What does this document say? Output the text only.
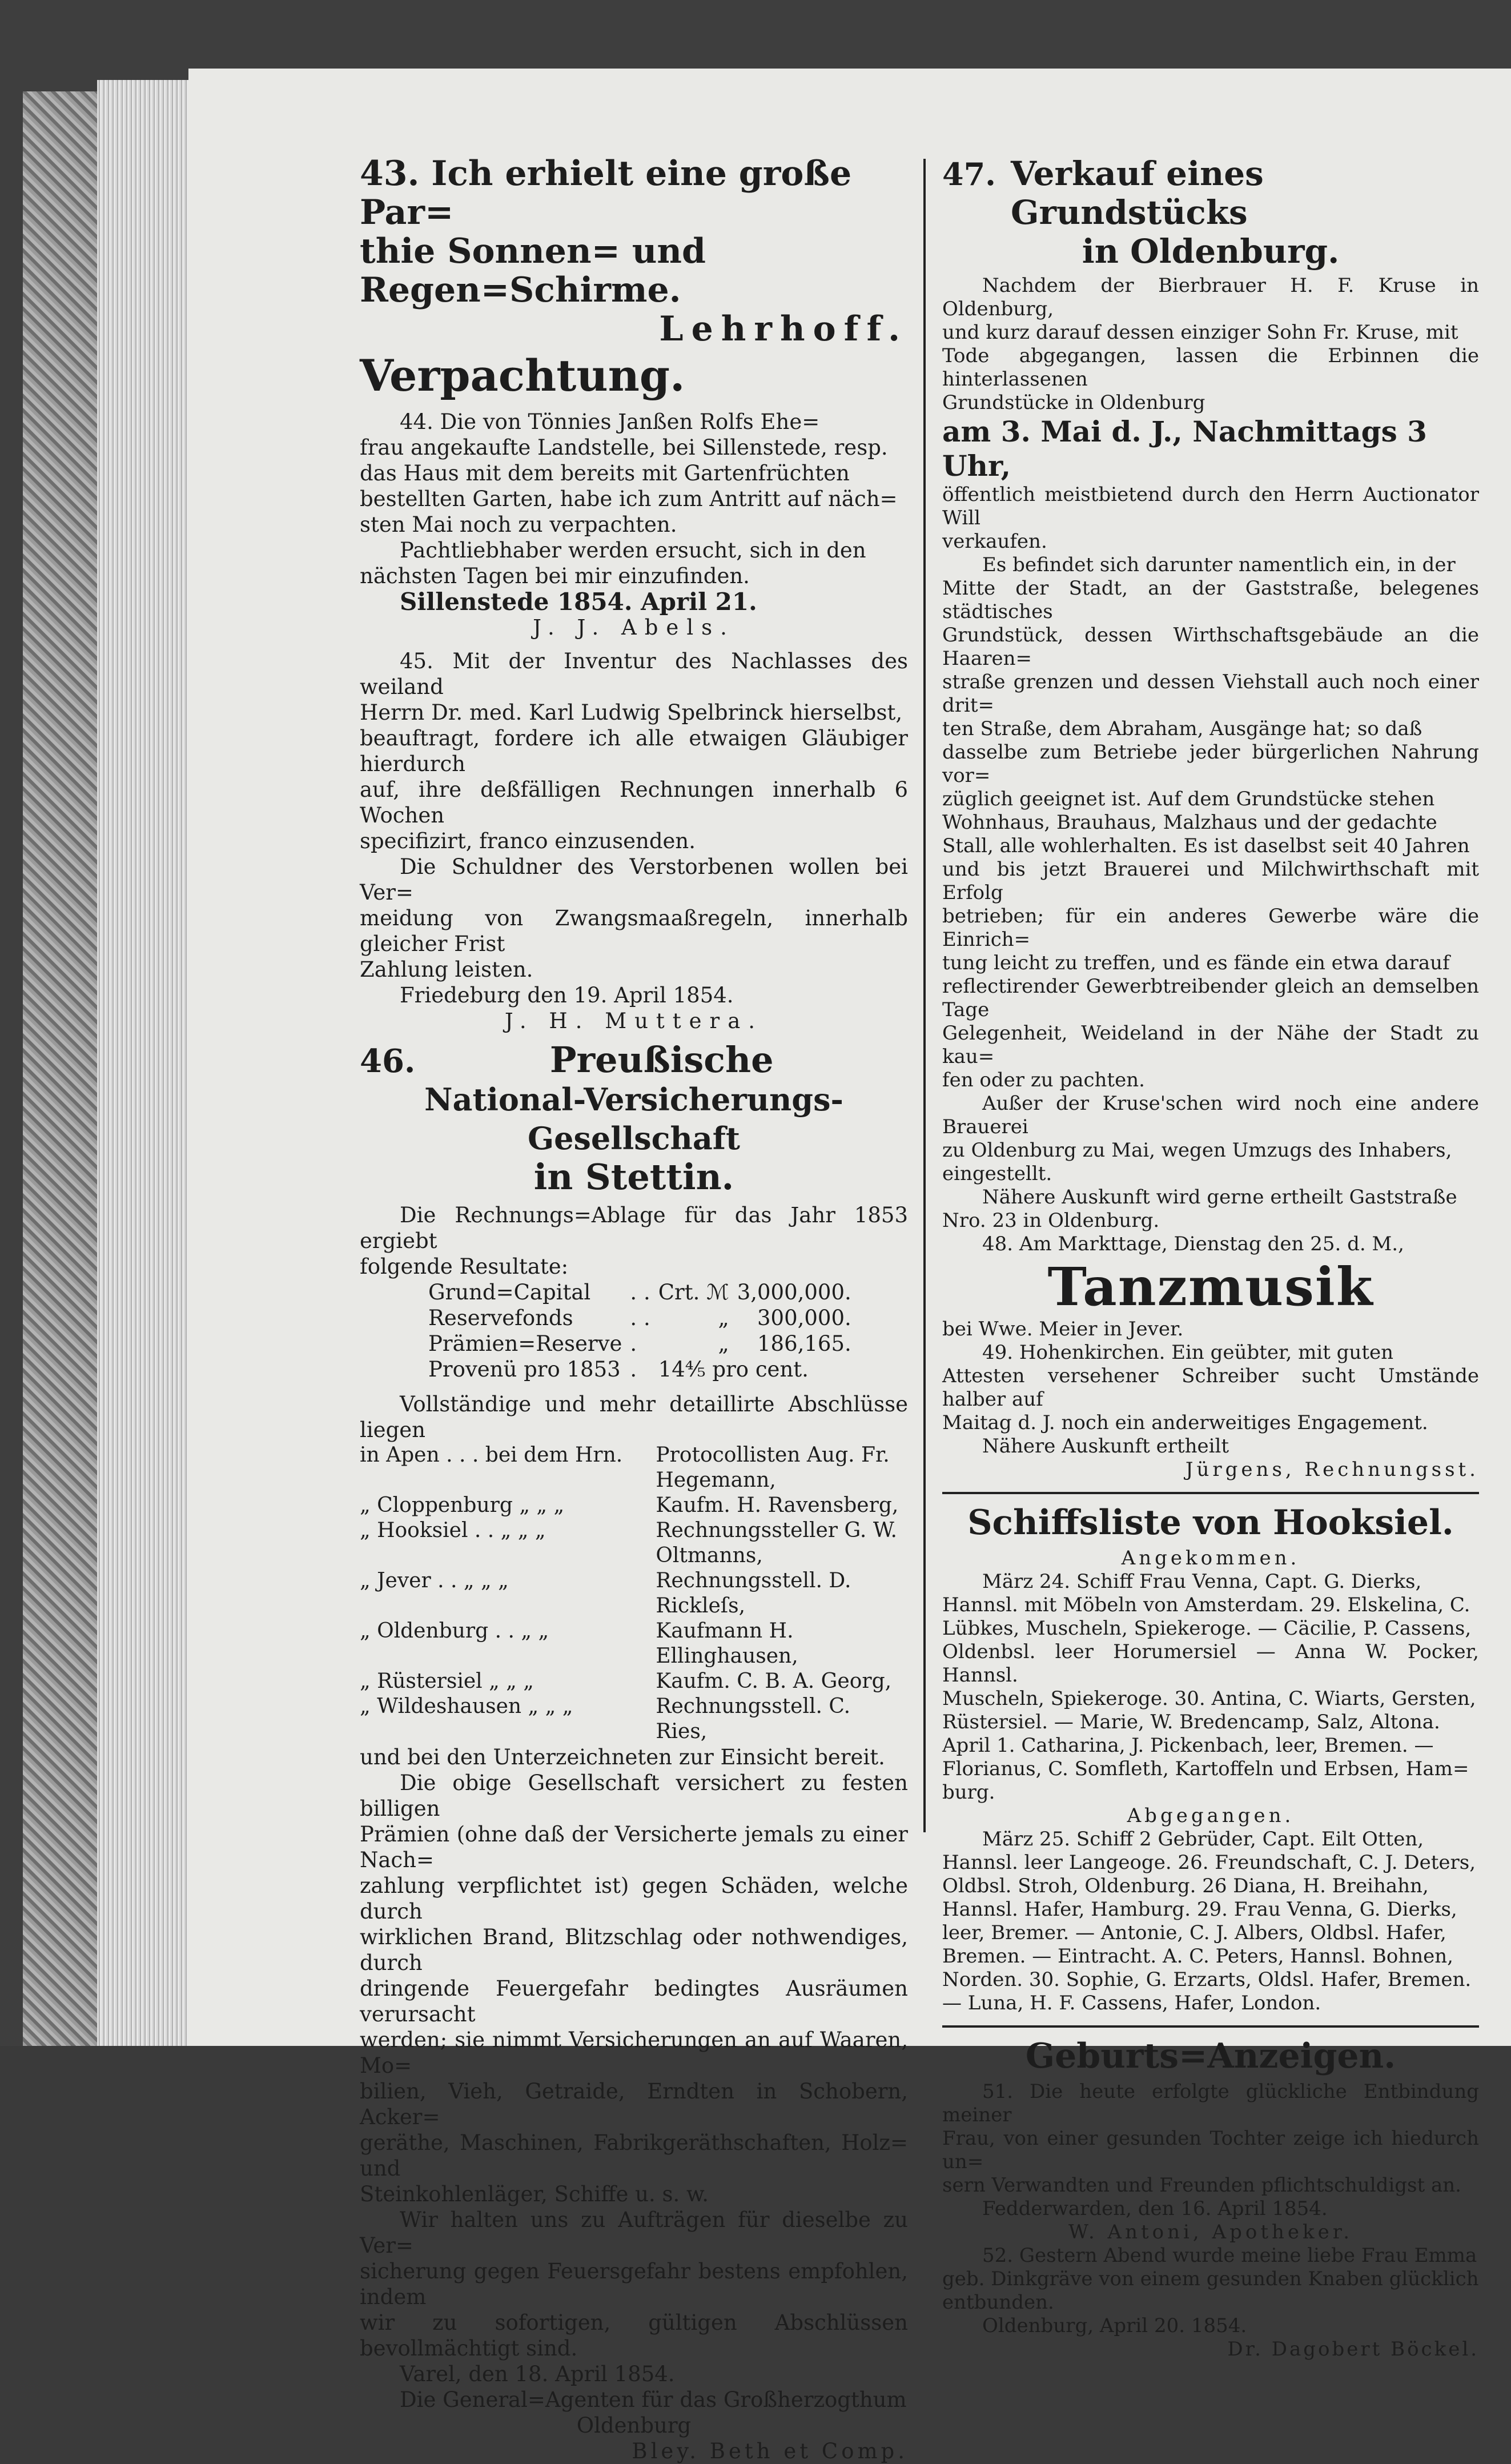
43. Ich erhielt eine große Par=

thie Sonnen= und Regen=Schirme.

Lehrhoff.

Verpachtung.

44. Die von Tönnies Janßen Rolfs Ehe=

frau angekaufte Landstelle, bei Sillenstede, resp.

das Haus mit dem bereits mit Gartenfrüchten

bestellten Garten, habe ich zum Antritt auf näch=

sten Mai noch zu verpachten.

Pachtliebhaber werden ersucht, sich in den

nächsten Tagen bei mir einzufinden.

Sillenstede 1854. April 21.

J. J. Abels.

45. Mit der Inventur des Nachlasses des weiland

Herrn Dr. med. Karl Ludwig Spelbrinck hierselbst,

beauftragt, fordere ich alle etwaigen Gläubiger hierdurch

auf, ihre deßfälligen Rechnungen innerhalb 6 Wochen

specifizirt, franco einzusenden.

Die Schuldner des Verstorbenen wollen bei Ver=

meidung von Zwangsmaaßregeln, innerhalb gleicher Frist

Zahlung leisten.

Friedeburg den 19. April 1854.

J. H. Muttera.

46.	Preußische

National-Versicherungs-Gesellschaft

in Stettin.

Die Rechnungs=Ablage für das Jahr 1853 ergiebt

folgende Resultate:

Grund=Capital	. .	Crt. ℳ	3,000,000.
Reservefonds	. .	„	300,000.
Prämien=Reserve	.	„	186,165.
Provenü pro 1853	.	14⅘ pro cent.	

Vollständige und mehr detaillirte Abschlüsse liegen

in Apen . . . bei dem Hrn.	Protocollisten Aug. Fr. Hegemann,
„ Cloppenburg „ „ „	Kaufm. H. Ravensberg,
„ Hooksiel . . „ „ „	Rechnungssteller G. W. Oltmanns,
„ Jever . . „ „ „	Rechnungsstell. D. Rickleſs,
„ Oldenburg . . „ „	Kaufmann H. Ellinghausen,
„ Rüstersiel „ „ „	Kaufm. C. B. A. Georg,
„ Wildeshausen „ „ „	Rechnungsstell. C. Ries,

und bei den Unterzeichneten zur Einsicht bereit.

Die obige Gesellschaft versichert zu festen billigen

Prämien (ohne daß der Versicherte jemals zu einer Nach=

zahlung verpflichtet ist) gegen Schäden, welche durch

wirklichen Brand, Blitzschlag oder nothwendiges, durch

dringende Feuergefahr bedingtes Ausräumen verursacht

werden; sie nimmt Versicherungen an auf Waaren, Mo=

bilien, Vieh, Getraide, Erndten in Schobern, Acker=

geräthe, Maschinen, Fabrikgeräthschaften, Holz= und

Steinkohlenläger, Schiffe u. s. w.

Wir halten uns zu Aufträgen für dieselbe zu Ver=

sicherung gegen Feuersgefahr bestens empfohlen, indem

wir zu sofortigen, gültigen Abschlüssen bevollmächtigt sind.

Varel, den 18. April 1854.

Die General=Agenten für das Großherzogthum

Oldenburg

Bley. Beth et Comp.

47. Verkauf eines Grundstücks

in Oldenburg.

Nachdem der Bierbrauer H. F. Kruse in Oldenburg,

und kurz darauf dessen einziger Sohn Fr. Kruse, mit

Tode abgegangen, lassen die Erbinnen die hinterlassenen

Grundstücke in Oldenburg

am 3. Mai d. J., Nachmittags 3 Uhr,

öffentlich meistbietend durch den Herrn Auctionator Will

verkaufen.

Es befindet sich darunter namentlich ein, in der

Mitte der Stadt, an der Gaststraße, belegenes städtisches

Grundstück, dessen Wirthschaftsgebäude an die Haaren=

straße grenzen und dessen Viehstall auch noch einer drit=

ten Straße, dem Abraham, Ausgänge hat; so daß

dasselbe zum Betriebe jeder bürgerlichen Nahrung vor=

züglich geeignet ist. Auf dem Grundstücke stehen

Wohnhaus, Brauhaus, Malzhaus und der gedachte

Stall, alle wohlerhalten. Es ist daselbst seit 40 Jahren

und bis jetzt Brauerei und Milchwirthschaft mit Erfolg

betrieben; für ein anderes Gewerbe wäre die Einrich=

tung leicht zu treffen, und es fände ein etwa darauf

reflectirender Gewerbtreibender gleich an demselben Tage

Gelegenheit, Weideland in der Nähe der Stadt zu kau=

fen oder zu pachten.

Außer der Kruse'schen wird noch eine andere Brauerei

zu Oldenburg zu Mai, wegen Umzugs des Inhabers,

eingestellt.

Nähere Auskunft wird gerne ertheilt Gaststraße

Nro. 23 in Oldenburg.

48. Am Markttage, Dienstag den 25. d. M.,

Tanzmusik

bei Wwe. Meier in Jever.

49. Hohenkirchen. Ein geübter, mit guten

Attesten versehener Schreiber sucht Umstände halber auf

Maitag d. J. noch ein anderweitiges Engagement.

Nähere Auskunft ertheilt

Jürgens, Rechnungsst.

Schiffsliste von Hooksiel.

Angekommen.

März 24. Schiff Frau Venna, Capt. G. Dierks,

Hannsl. mit Möbeln von Amsterdam. 29. Elskelina, C.

Lübkes, Muscheln, Spiekeroge. — Cäcilie, P. Cassens,

Oldenbsl. leer Horumersiel — Anna W. Pocker, Hannsl.

Muscheln, Spiekeroge. 30. Antina, C. Wiarts, Gersten,

Rüstersiel. — Marie, W. Bredencamp, Salz, Altona.

April 1. Catharina, J. Pickenbach, leer, Bremen. —

Florianus, C. Somfleth, Kartoffeln und Erbsen, Ham=

burg.

Abgegangen.

März 25. Schiff 2 Gebrüder, Capt. Eilt Otten,

Hannsl. leer Langeoge. 26. Freundschaft, C. J. Deters,

Oldbsl. Stroh, Oldenburg. 26 Diana, H. Breihahn,

Hannsl. Hafer, Hamburg. 29. Frau Venna, G. Dierks,

leer, Bremer. — Antonie, C. J. Albers, Oldbsl. Hafer,

Bremen. — Eintracht. A. C. Peters, Hannsl. Bohnen,

Norden. 30. Sophie, G. Erzarts, Oldsl. Hafer, Bremen.

— Luna, H. F. Cassens, Hafer, London.

Geburts=Anzeigen.

51. Die heute erfolgte glückliche Entbindung meiner

Frau, von einer gesunden Tochter zeige ich hiedurch un=

sern Verwandten und Freunden pflichtschuldigst an.

Fedderwarden, den 16. April 1854.

W. Antoni, Apotheker.

52. Gestern Abend wurde meine liebe Frau Emma

geb. Dinkgräve von einem gesunden Knaben glücklich

entbunden.

Oldenburg, April 20. 1854.

Dr. Dagobert Böckel.
